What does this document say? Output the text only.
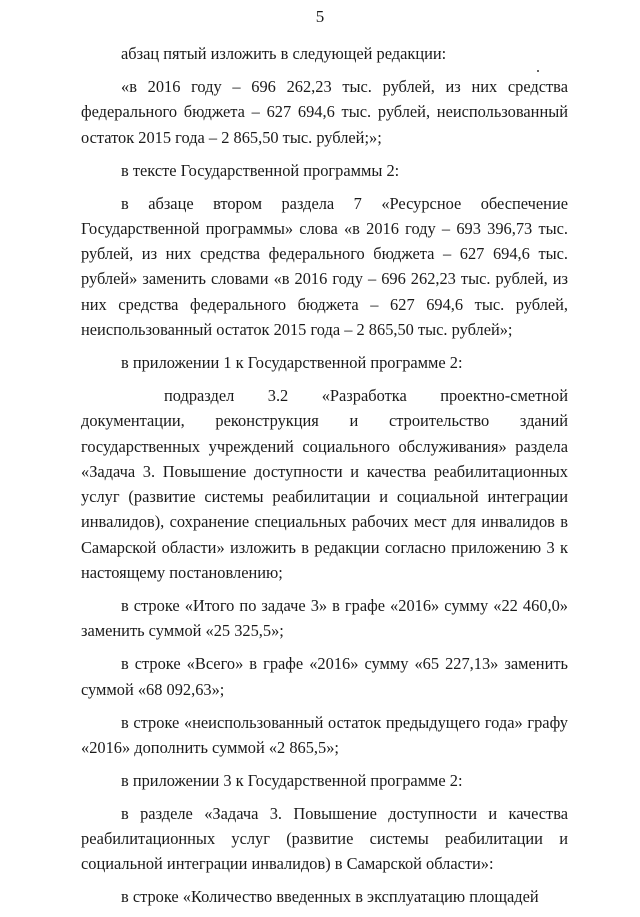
5

абзац пятый изложить в следующей редакции:

«в 2016 году – 696 262,23 тыс. рублей, из них средства федерального бюджета – 627 694,6 тыс. рублей, неиспользованный остаток 2015 года – 2 865,50 тыс. рублей;»;

в тексте Государственной программы 2:

в абзаце втором раздела 7 «Ресурсное обеспечение Государственной программы» слова «в 2016 году – 693 396,73 тыс. рублей, из них средства федерального бюджета – 627 694,6 тыс. рублей» заменить словами «в 2016 году – 696 262,23 тыс. рублей, из них средства федерального бюджета – 627 694,6 тыс. рублей, неиспользованный остаток 2015 года – 2 865,50 тыс. рублей»;

в приложении 1 к Государственной программе 2:

подраздел 3.2 «Разработка проектно-сметной документации, реконструкция и строительство зданий государственных учреждений социального обслуживания» раздела «Задача 3. Повышение доступности и качества реабилитационных услуг (развитие системы реабилитации и социальной интеграции инвалидов), сохранение специальных рабочих мест для инвалидов в Самарской области» изложить в редакции согласно приложению 3 к настоящему постановлению;

в строке «Итого по задаче 3» в графе «2016» сумму «22 460,0» заменить суммой «25 325,5»;

в строке «Всего» в графе «2016» сумму «65 227,13» заменить суммой «68 092,63»;

в строке «неиспользованный остаток предыдущего года» графу «2016» дополнить суммой «2 865,5»;

в приложении 3 к Государственной программе 2:

в разделе «Задача 3. Повышение доступности и качества реабилитационных услуг (развитие системы реабилитации и социальной интеграции инвалидов) в Самарской области»:

в строке «Количество введенных в эксплуатацию площадей
